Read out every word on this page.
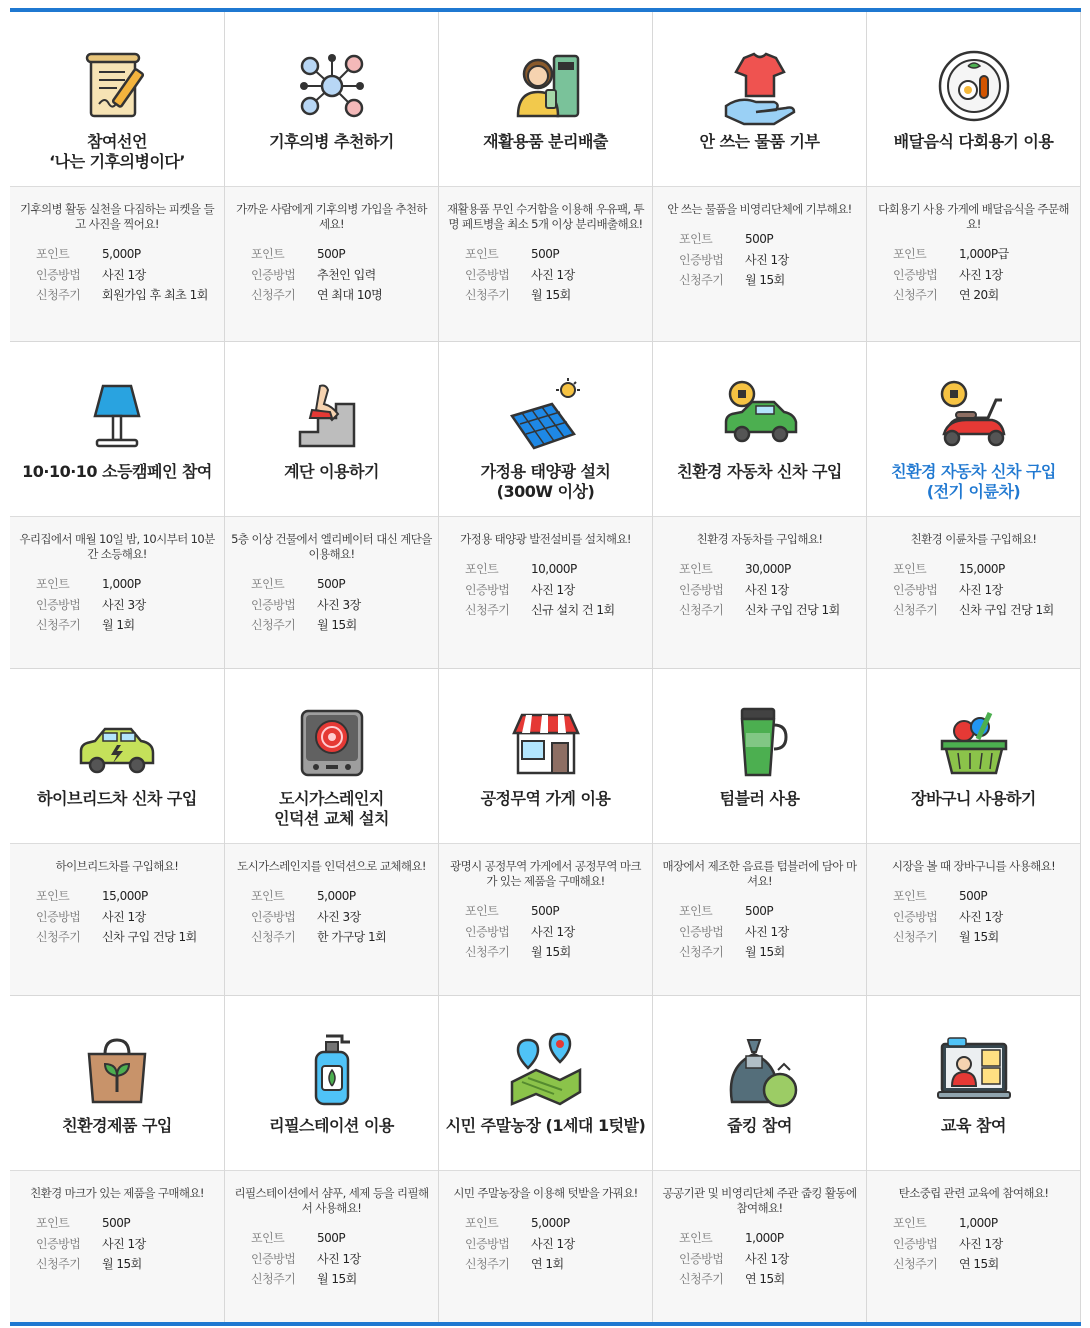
참여선언
‘나는 기후의병이다’
기후의병 활동 실천을 다짐하는 피켓을 들고 사진을 찍어요!
포인트	5,000P
인증방법	사진 1장
신청주기	회원가입 후 최초 1회
기후의병 추천하기
가까운 사람에게 기후의병 가입을 추천하세요!
포인트	500P
인증방법	추천인 입력
신청주기	연 최대 10명
재활용품 분리배출
재활용품 무인 수거함을 이용해 우유팩, 투명 페트병을 최소 5개 이상 분리배출해요!
포인트	500P
인증방법	사진 1장
신청주기	월 15회
안 쓰는 물품 기부
안 쓰는 물품을 비영리단체에 기부해요!
포인트	500P
인증방법	사진 1장
신청주기	월 15회
배달음식 다회용기 이용
다회용기 사용 가게에 배달음식을 주문해요!
포인트	1,000P급
인증방법	사진 1장
신청주기	연 20회
10·10·10 소등캠페인 참여
우리집에서 매월 10일 밤, 10시부터 10분간 소등해요!
포인트	1,000P
인증방법	사진 3장
신청주기	월 1회
계단 이용하기
5층 이상 건물에서 엘리베이터 대신 계단을 이용해요!
포인트	500P
인증방법	사진 3장
신청주기	월 15회
가정용 태양광 설치
(300W 이상)
가정용 태양광 발전설비를 설치해요!
포인트	10,000P
인증방법	사진 1장
신청주기	신규 설치 건 1회
친환경 자동차 신차 구입
친환경 자동차를 구입해요!
포인트	30,000P
인증방법	사진 1장
신청주기	신차 구입 건당 1회
친환경 자동차 신차 구입
(전기 이륜차)
친환경 이륜차를 구입해요!
포인트	15,000P
인증방법	사진 1장
신청주기	신차 구입 건당 1회
하이브리드차 신차 구입
하이브리드차를 구입해요!
포인트	15,000P
인증방법	사진 1장
신청주기	신차 구입 건당 1회
도시가스레인지
인덕션 교체 설치
도시가스레인지를 인덕션으로 교체해요!
포인트	5,000P
인증방법	사진 3장
신청주기	한 가구당 1회
공정무역 가게 이용
광명시 공정무역 가게에서 공정무역 마크가 있는 제품을 구매해요!
포인트	500P
인증방법	사진 1장
신청주기	월 15회
텀블러 사용
매장에서 제조한 음료를 텀블러에 담아 마셔요!
포인트	500P
인증방법	사진 1장
신청주기	월 15회
장바구니 사용하기
시장을 볼 때 장바구니를 사용해요!
포인트	500P
인증방법	사진 1장
신청주기	월 15회
친환경제품 구입
친환경 마크가 있는 제품을 구매해요!
포인트	500P
인증방법	사진 1장
신청주기	월 15회
리필스테이션 이용
리필스테이션에서 샴푸, 세제 등을 리필해서 사용해요!
포인트	500P
인증방법	사진 1장
신청주기	월 15회
시민 주말농장 (1세대 1텃밭)
시민 주말농장을 이용해 텃밭을 가꿔요!
포인트	5,000P
인증방법	사진 1장
신청주기	연 1회
줍킹 참여
공공기관 및 비영리단체 주관 줍킹 활동에 참여해요!
포인트	1,000P
인증방법	사진 1장
신청주기	연 15회
교육 참여
탄소중립 관련 교육에 참여해요!
포인트	1,000P
인증방법	사진 1장
신청주기	연 15회
